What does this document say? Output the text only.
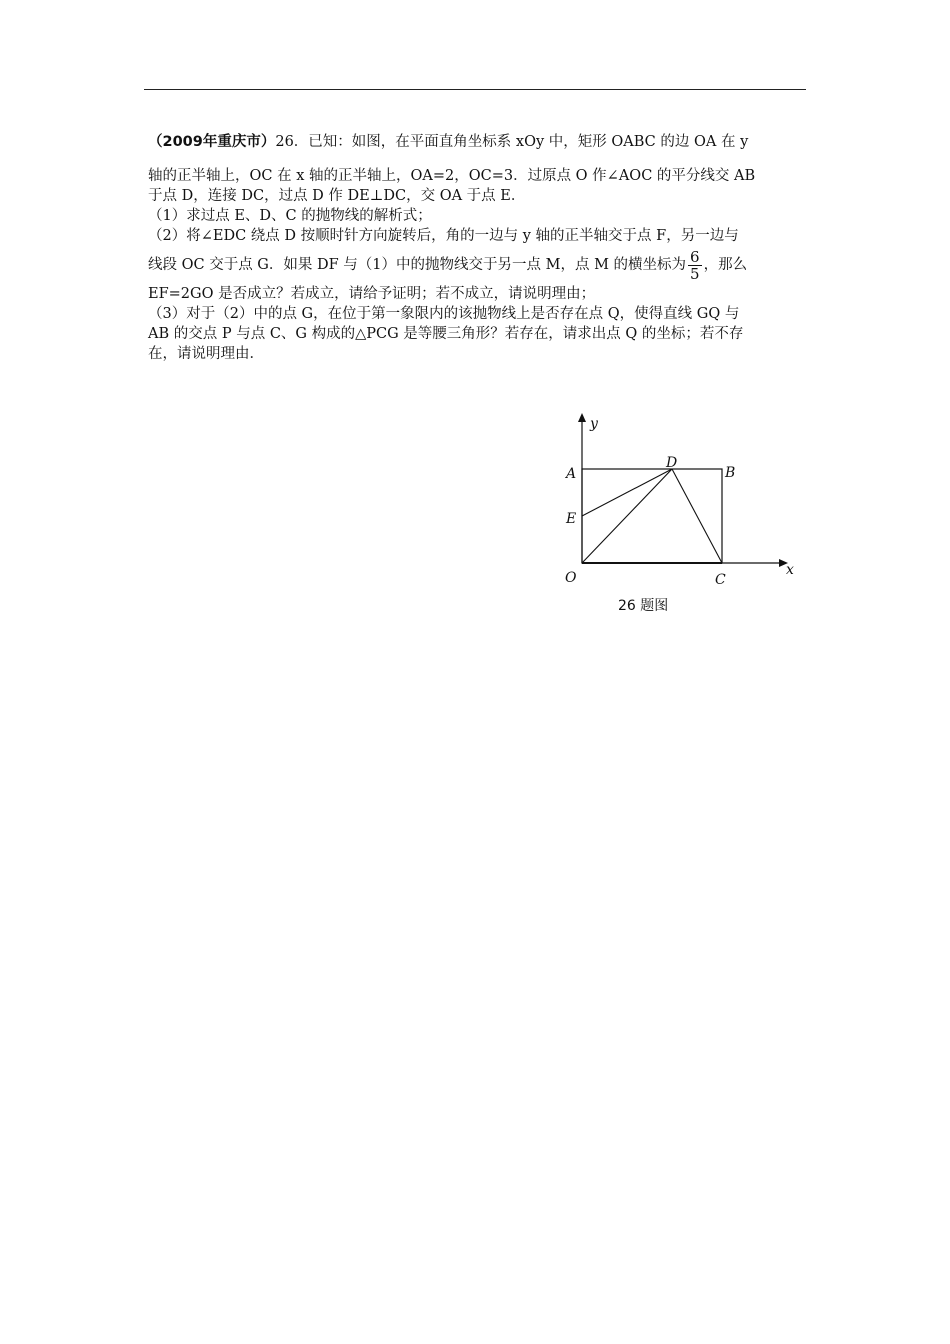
（2009年重庆市）26．已知：如图，在平面直角坐标系 xOy 中，矩形 OABC 的边 OA 在 y
轴的正半轴上，OC 在 x 轴的正半轴上，OA=2，OC=3．过原点 O 作∠AOC 的平分线交 AB
于点 D，连接 DC，过点 D 作 DE⊥DC，交 OA 于点 E．
（1）求过点 E、D、C 的抛物线的解析式；
（2）将∠EDC 绕点 D 按顺时针方向旋转后，角的一边与 y 轴的正半轴交于点 F，另一边与
线段 OC 交于点 G．如果 DF 与（1）中的抛物线交于另一点 M，点 M 的横坐标为 $\frac{6}{5}$ ，那么
EF=2GO 是否成立？若成立，请给予证明；若不成立，请说明理由；
（3）对于（2）中的点 G，在位于第一象限内的该抛物线上是否存在点 Q，使得直线 GQ 与
AB 的交点 P 与点 C、G 构成的△PCG 是等腰三角形？若存在，请求出点 Q 的坐标；若不存
在，请说明理由．
y
x
O
A	B
C
D
E
26 题图
